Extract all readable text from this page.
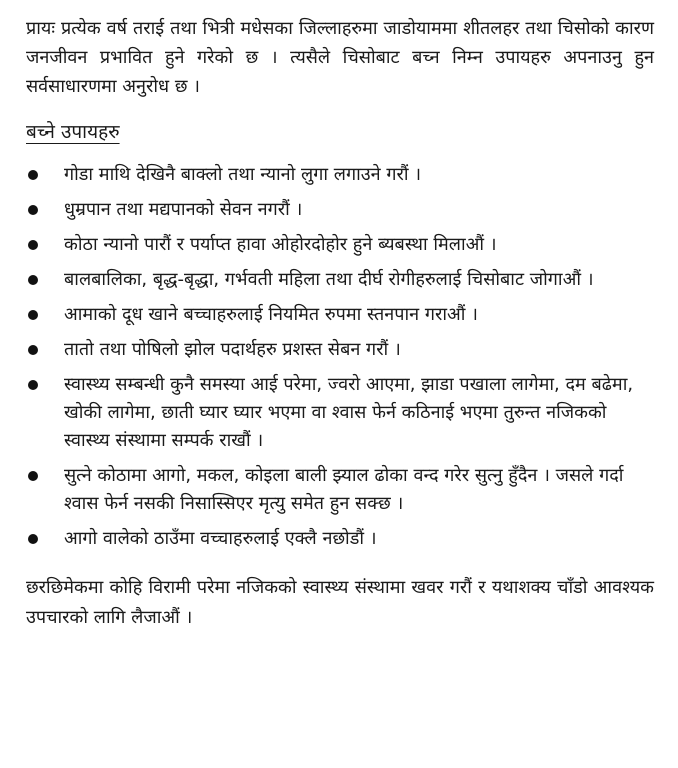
प्रायः प्रत्येक वर्ष तराई तथा भित्री मधेसका जिल्लाहरुमा जाडोयाममा शीतलहर तथा चिसोको कारण जनजीवन प्रभावित हुने गरेको छ । त्यसैले चिसोबाट बच्न निम्न उपायहरु अपनाउनु हुन सर्वसाधारणमा अनुरोध छ ।

बच्ने उपायहरु
गोडा माथि देखिनै बाक्लो तथा न्यानो लुगा लगाउने गरौं ।
धुम्रपान तथा मद्यपानको सेवन नगरौं ।
कोठा न्यानो पारौं र पर्याप्त हावा ओहोरदोहोर हुने ब्यबस्था मिलाऔं ।
बालबालिका, बृद्ध-बृद्धा, गर्भवती महिला तथा दीर्घ रोगीहरुलाई चिसोबाट जोगाऔं ।
आमाको दूध खाने बच्चाहरुलाई नियमित रुपमा स्तनपान गराऔं ।
तातो तथा पोषिलो झोल पदार्थहरु प्रशस्त सेबन गरौं ।
स्वास्थ्य सम्बन्धी कुनै समस्या आई परेमा, ज्वरो आएमा, झाडा पखाला लागेमा, दम बढेमा, खोकी लागेमा, छाती घ्यार घ्यार भएमा वा श्वास फेर्न कठिनाई भएमा तुरुन्त नजिकको स्वास्थ्य संस्थामा सम्पर्क राखौं ।
सुत्ने कोठामा आगो, मकल, कोइला बाली झ्याल ढोका वन्द गरेर सुत्नु हुँदैन । जसले गर्दा श्वास फेर्न नसकी निसास्सिएर मृत्यु समेत हुन सक्छ ।
आगो वालेको ठाउँमा वच्चाहरुलाई एक्लै नछोडौं ।

छरछिमेकमा कोहि विरामी परेमा नजिकको स्वास्थ्य संस्थामा खवर गरौं र यथाशक्य चाँडो आवश्यक उपचारको लागि लैजाऔं ।
